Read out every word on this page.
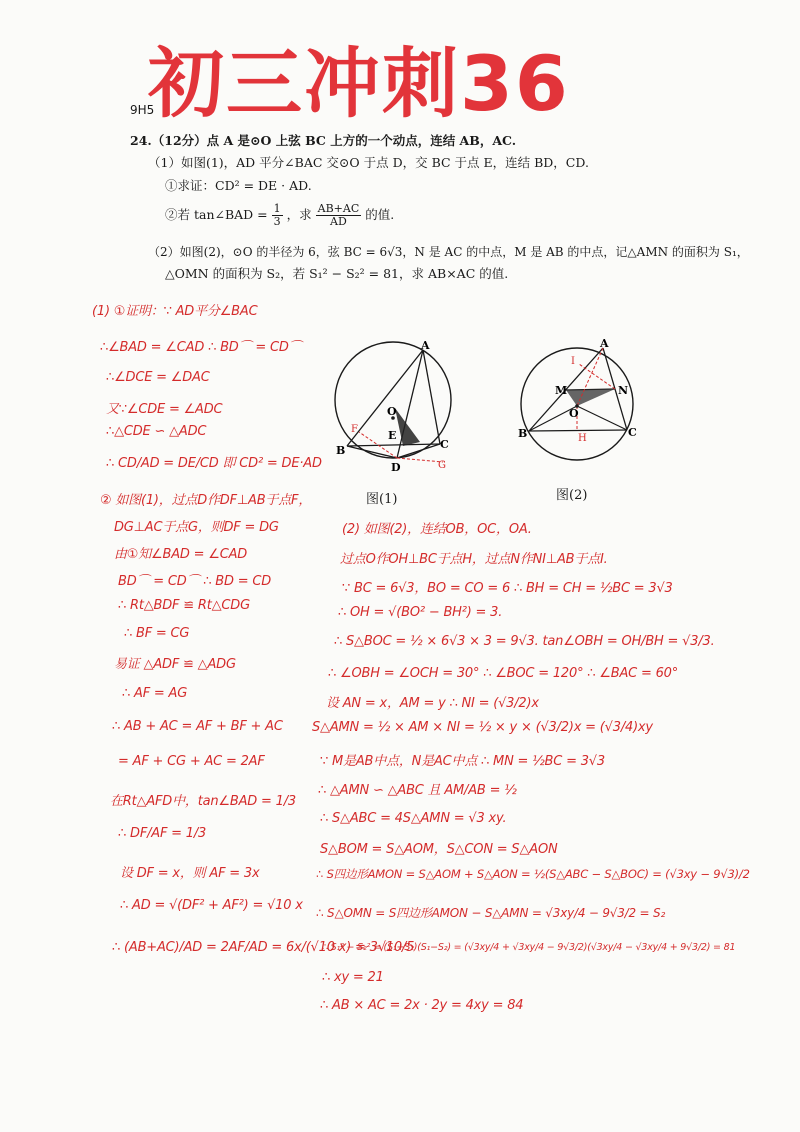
初三冲刺36
9H5
24.（12分）点 A 是⊙O 上弦 BC 上方的一个动点，连结 AB，AC.
（1）如图(1)，AD 平分∠BAC 交⊙O 于点 D，交 BC 于点 E，连结 BD，CD.
①求证：CD² = DE · AD.
②若 tan∠BAD = $\frac{1}{3}$ ，求 $\frac{AB+AC}{AD}$ 的值.
（2）如图(2)，⊙O 的半径为 6，弦 BC = 6√3，N 是 AC 的中点，M 是 AB 的中点，记△AMN 的面积为 S₁，
△OMN 的面积为 S₂，若 S₁² − S₂² = 81，求 AB×AC 的值.
A
B	C
D
E
O
F
G
图(1)
A
B	C
M	N
O
H
I
图(2)
(1) ①证明：∵ AD平分∠BAC
∴∠BAD = ∠CAD ∴ BD⌒ = CD⌒
∴∠DCE = ∠DAC
又∵∠CDE = ∠ADC
∴△CDE ∽ △ADC
∴ CD/AD = DE/CD 即 CD² = DE·AD
② 如图(1)，过点D作DF⊥AB于点F，
DG⊥AC于点G，则DF = DG
由①知∠BAD = ∠CAD
BD⌒ = CD⌒ ∴ BD = CD
∴ Rt△BDF ≌ Rt△CDG
∴ BF = CG
易证 △ADF ≌ △ADG
∴ AF = AG
∴ AB + AC = AF + BF + AC
= AF + CG + AC = 2AF
在Rt△AFD中，tan∠BAD = 1/3
∴ DF/AF = 1/3
设 DF = x，则 AF = 3x
∴ AD = √(DF² + AF²) = √10 x
∴ (AB+AC)/AD = 2AF/AD = 6x/(√10 x) = 3√10/5
(2) 如图(2)，连结OB，OC，OA.
过点O作OH⊥BC于点H，过点N作NI⊥AB于点I.
∵ BC = 6√3，BO = CO = 6 ∴ BH = CH = ½BC = 3√3
∴ OH = √(BO² − BH²) = 3.
∴ S△BOC = ½ × 6√3 × 3 = 9√3. tan∠OBH = OH/BH = √3/3.
∴ ∠OBH = ∠OCH = 30° ∴ ∠BOC = 120° ∴ ∠BAC = 60°
设 AN = x，AM = y ∴ NI = (√3/2)x
S△AMN = ½ × AM × NI = ½ × y × (√3/2)x = (√3/4)xy
∵ M是AB中点，N是AC中点 ∴ MN = ½BC = 3√3
∴ △AMN ∽ △ABC 且 AM/AB = ½
∴ S△ABC = 4S△AMN = √3 xy.
S△BOM = S△AOM，S△CON = S△AON
∴ S四边形AMON = S△AOM + S△AON = ½(S△ABC − S△BOC) = (√3xy − 9√3)/2
∴ S△OMN = S四边形AMON − S△AMN = √3xy/4 − 9√3/2 = S₂
∴ S₁² − S₂² = (S₁+S₂)(S₁−S₂) = (√3xy/4 + √3xy/4 − 9√3/2)(√3xy/4 − √3xy/4 + 9√3/2) = 81
∴ xy = 21
∴ AB × AC = 2x · 2y = 4xy = 84
